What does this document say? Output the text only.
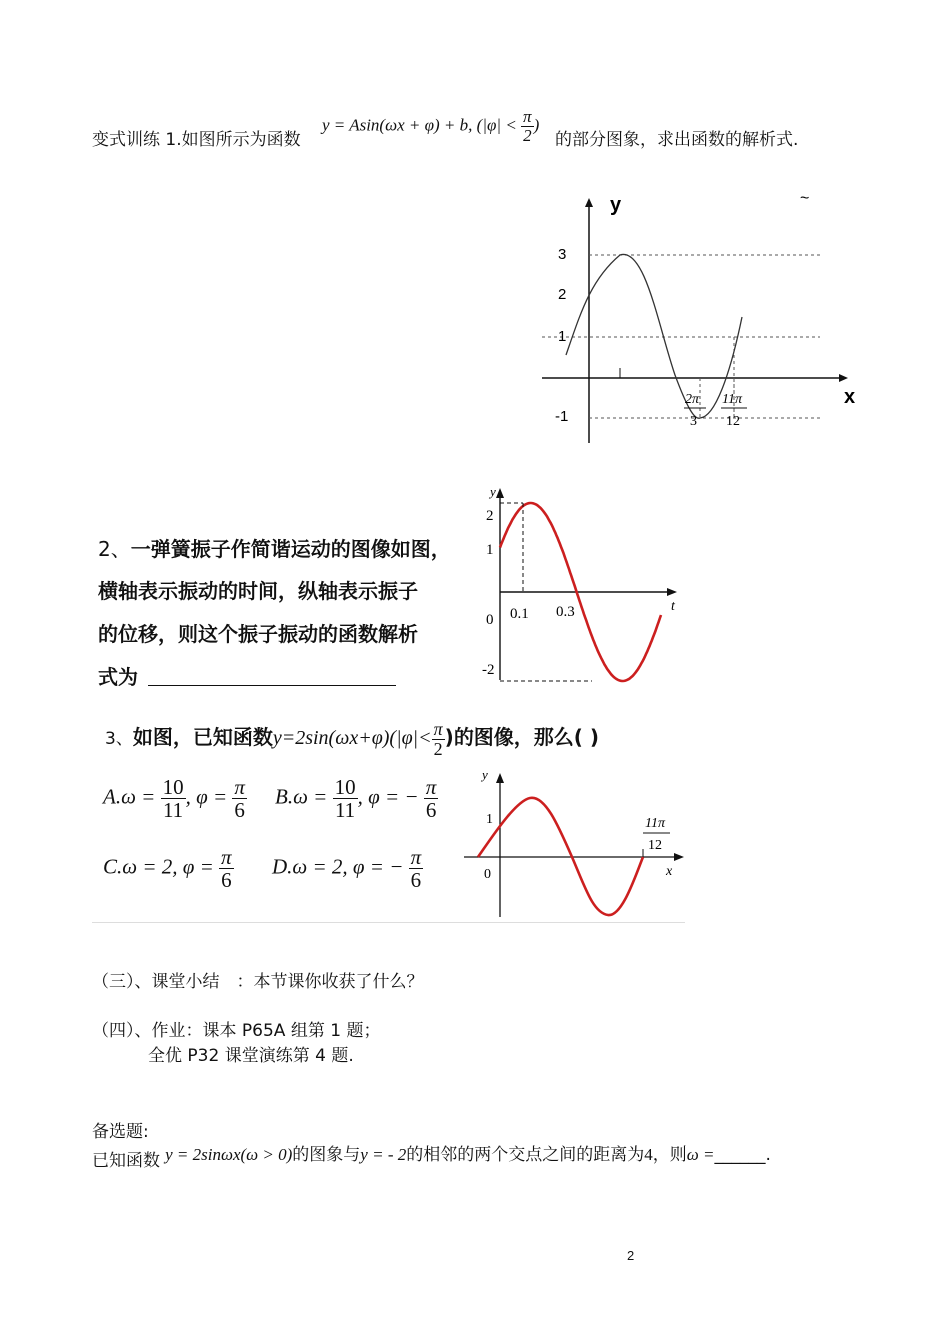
变式训练 1.如图所示为函数
y = Asin(ωx + φ) + b, ($|\varphi| < \frac{\pi}{2}$ )
的部分图象，求出函数的解析式.
y
x
~
3
2
1
-1
2π
3
11π
12
2、一弹簧振子作简谐运动的图像如图，
横轴表示振动的时间，纵轴表示振子
的位移，则这个振子振动的函数解析
式为
y
t
0
2
1
-2
0.1 0.3
3、如图，已知函数$y=2\sin(\omega x+\varphi)(|\varphi|< \frac{\pi}{2}$ )的图像，那么( )
$A.\omega = \frac{10}{11}$ , $\varphi = \frac{\pi}{6} B.\omega = \frac{10}{11}$ , φ = − $\frac{\pi}{6}$
C.ω = 2, $\varphi = \frac{\pi}{6} D.\omega = 2$, φ = − $\frac{\pi}{6}$
y
x
0
1	11π
12
（三）、课堂小结　：本节课你收获了什么？
（四）、作业：课本 P65A 组第 1 题；
全优 P32 课堂演练第 4 题.
备选题:
已知函数 y = 2sinωx(ω > 0)的图象与y = - 2的相邻的两个交点之间的距离为4，则ω =______.
2
